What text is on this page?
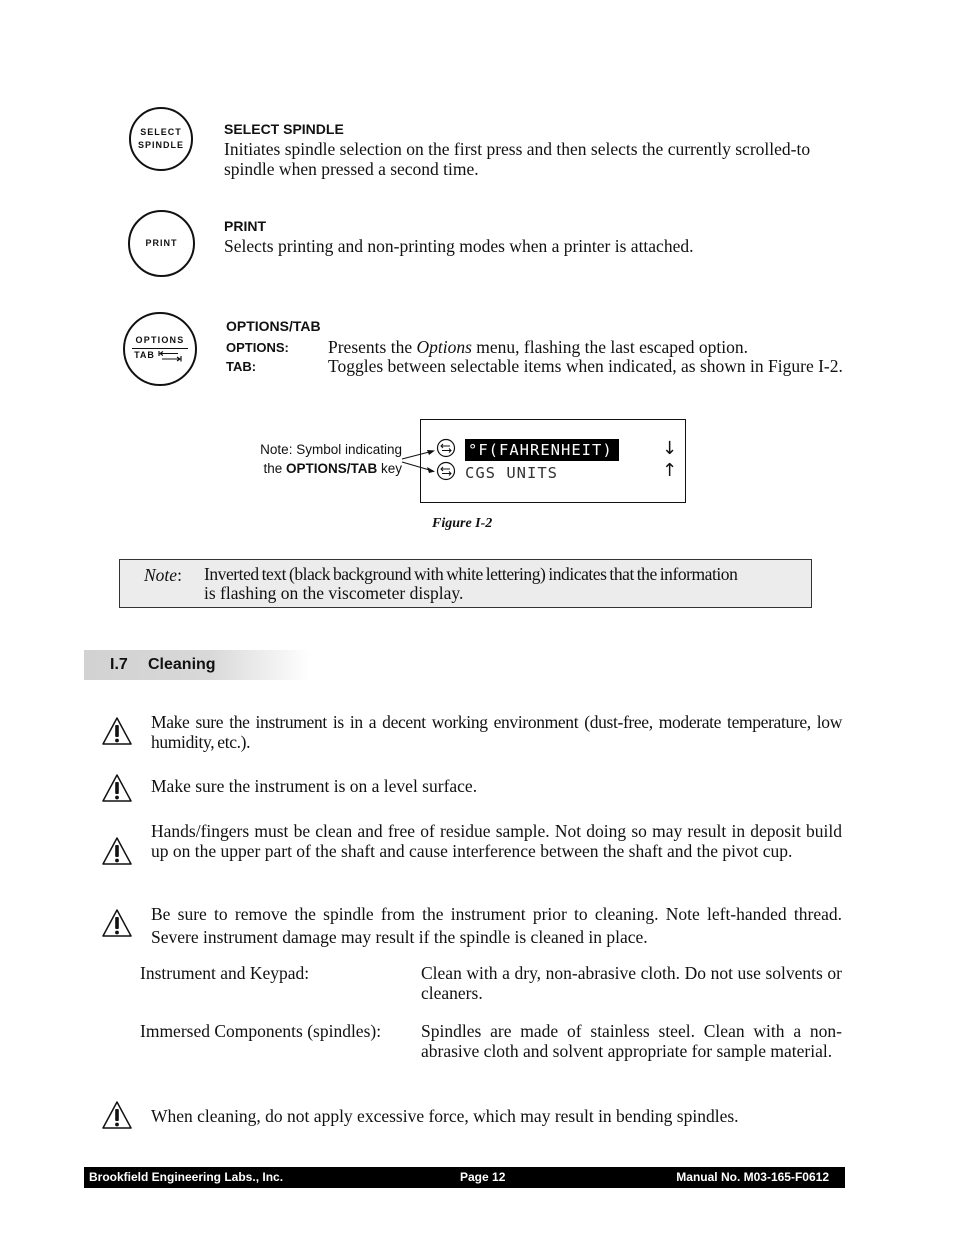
SELECT
SPINDLE
SELECT SPINDLE
Initiates spindle selection on the first press and then selects the currently scrolled-to spindle when pressed a second time.
PRINT
PRINT
Selects printing and non-printing modes when a printer is attached.
OPTIONS
TAB
OPTIONS/TAB
OPTIONS: Presents the Options menu, flashing the last escaped option.
TAB:	Toggles between selectable items when indicated, as shown in Figure I-2.
Note: Symbol indicating
the OPTIONS/TAB key
°F(FAHRENHEIT)	↓
CGS UNITS	↑
Figure I-2
Note: Inverted text (black background with white lettering) indicates that the information
is flashing on the viscometer display.
I.7 Cleaning
Make sure the instrument is in a decent working environment (dust-free, moderate temperature, low humidity, etc.).
Make sure the instrument is on a level surface.
Hands/fingers must be clean and free of residue sample. Not doing so may result in deposit build up on the upper part of the shaft and cause interference between the shaft and the pivot cup.
Be sure to remove the spindle from the instrument prior to cleaning. Note left-handed thread. Severe instrument damage may result if the spindle is cleaned in place.
Instrument and Keypad:	Clean with a dry, non-abrasive cloth. Do not use solvents or cleaners.
Immersed Components (spindles): Spindles are made of stainless steel. Clean with a non-abrasive cloth and solvent appropriate for sample material.
When cleaning, do not apply excessive force, which may result in bending spindles.
Brookfield Engineering Labs., Inc.	Page 12	Manual No. M03-165-F0612
